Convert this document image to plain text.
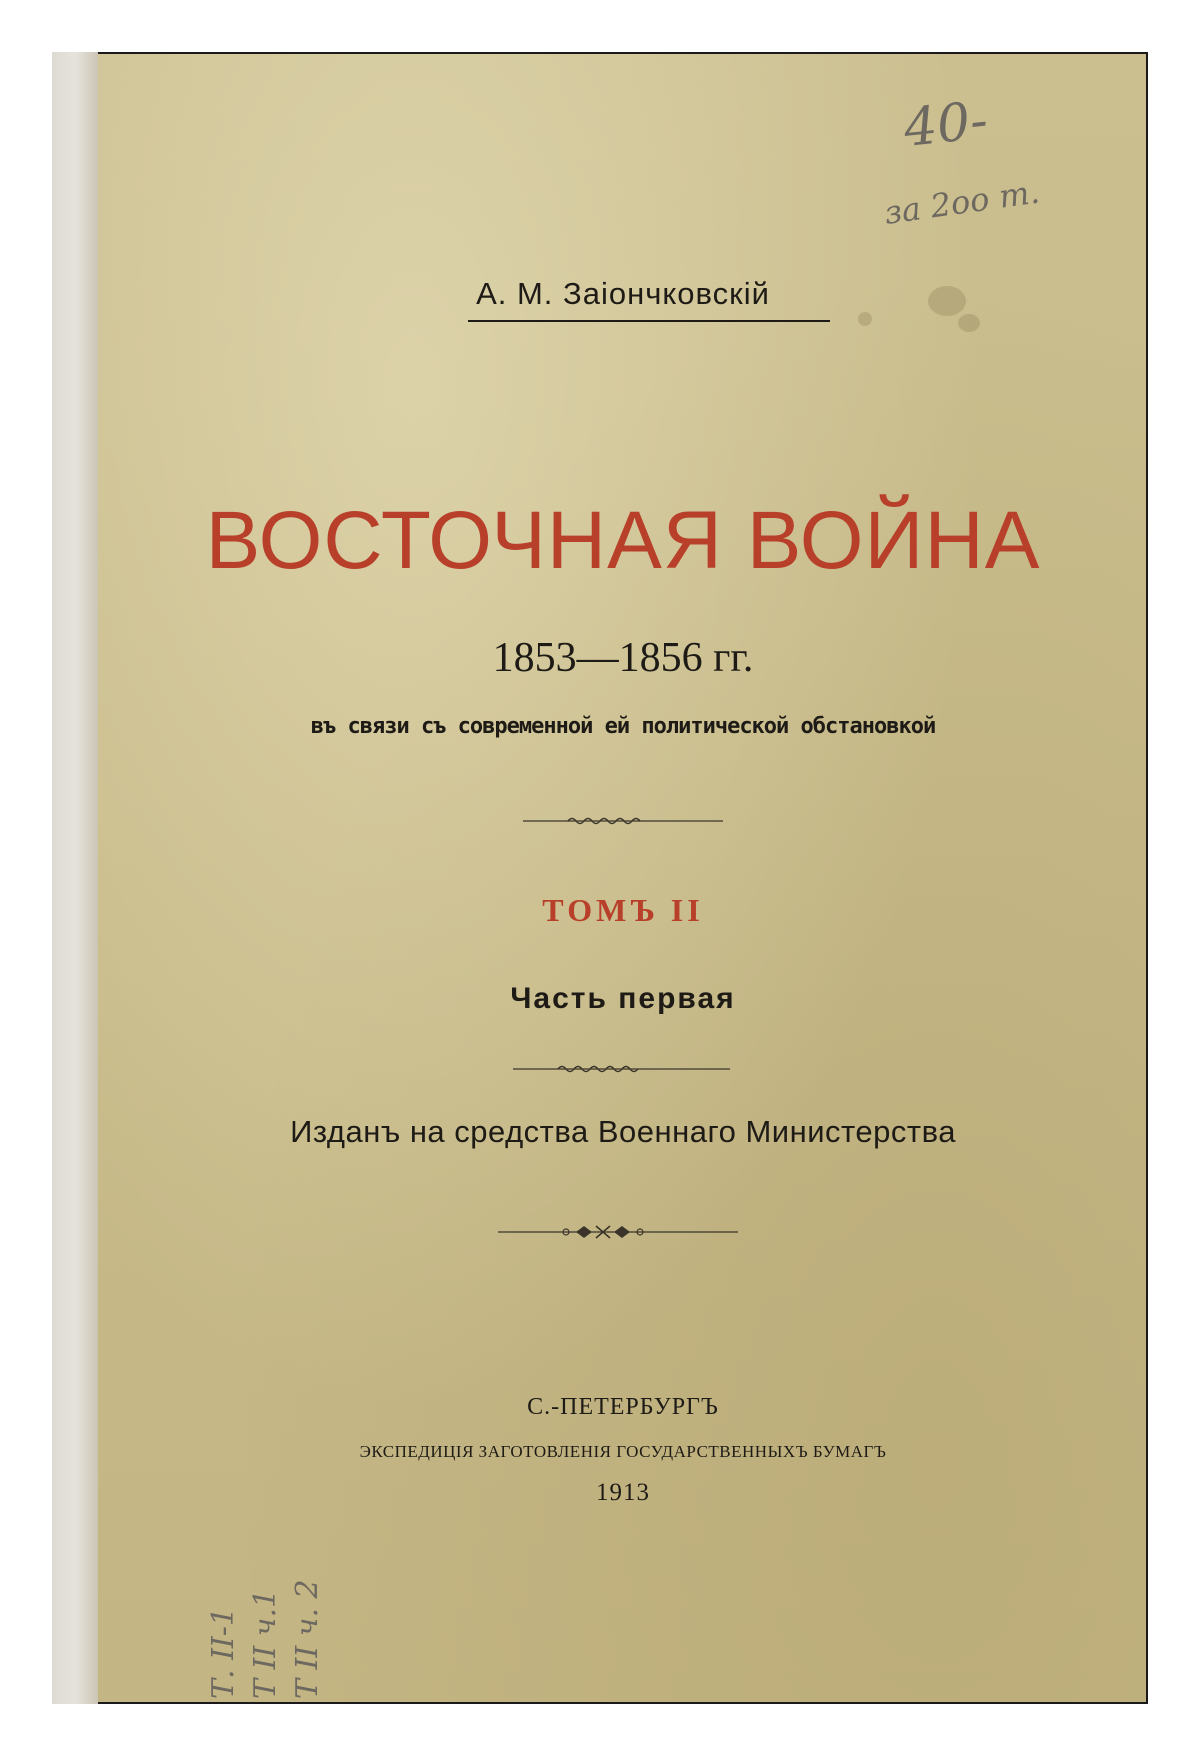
40-
за 2оо т.
А. М. Заіончковскій
ВОСТОЧНАЯ ВОЙНА
1853—1856 гг.
въ связи съ современной ей политической обстановкой
ТОМЪ II
Часть первая
Изданъ на средства Военнаго Министерства
С.-ПЕТЕРБУРГЪ
ЭКСПЕДИЦІЯ ЗАГОТОВЛЕНІЯ ГОСУДАРСТВЕННЫХЪ БУМАГЪ
1913
Т. II-1 Т II ч.1 Т II ч. 2
